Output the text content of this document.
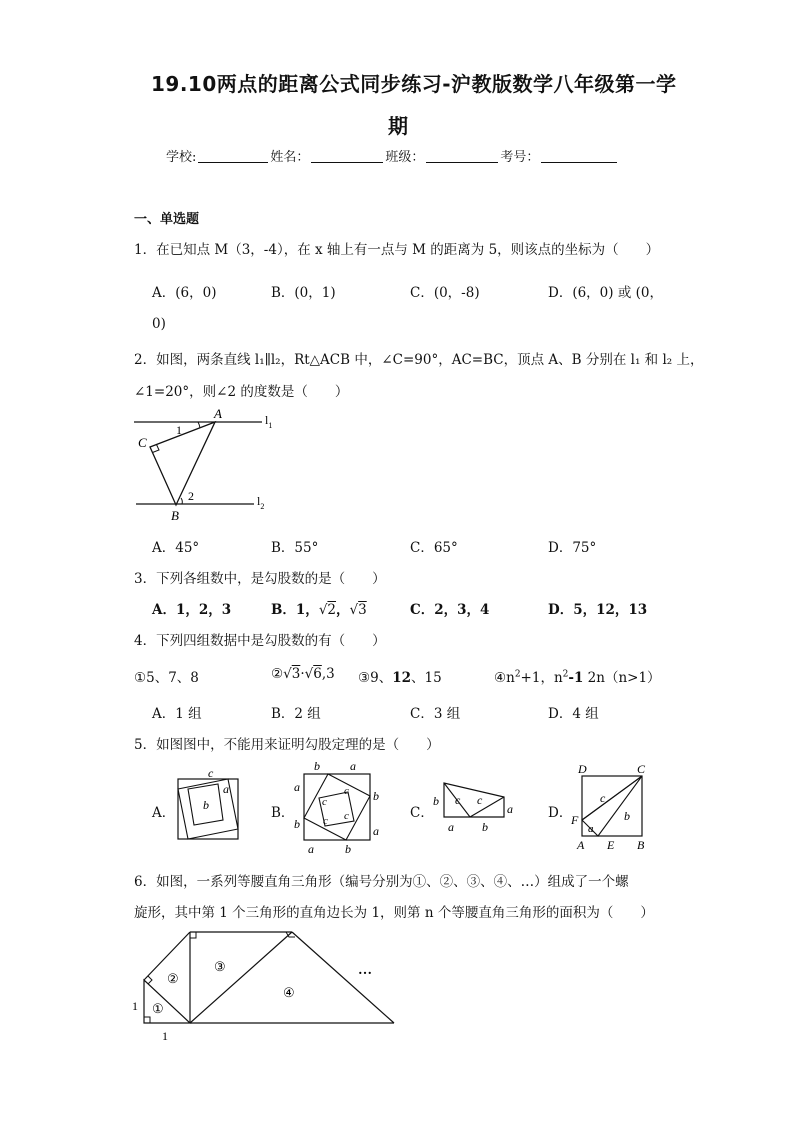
19.10两点的距离公式同步练习-沪教版数学八年级第一学
期
学校:	姓名：	班级：	考号：
一、单选题
1．在已知点 M（3，-4），在 x 轴上有一点与 M 的距离为 5，则该点的坐标为（　　）
A．(6，0)	B．(0，1)	C．(0，-8)	D．(6，0) 或 (0，
0)
2．如图，两条直线 l₁∥l₂，Rt△ACB 中，∠C=90°，AC=BC，顶点 A、B 分别在 l₁ 和 l₂ 上，
∠1=20°，则∠2 的度数是（　　）
A
C
B
1
2
$l_1$
$l_2$
A．45°	B．55°	C．65°	D．75°
3．下列各组数中，是勾股数的是（　　）
A．1，2，3	B．1，√2，√3	C．2，3，4	D．5，12，13
4．下列四组数据中是勾股数的有（　　）
①5、7、8	②√3·√6,3 ③9、12、15	$④n^2+1$，$n^2-1$ 2n（n>1）
A．1 组	B．2 组	C．3 组	D．4 组
5．如图图中，不能用来证明勾股定理的是（　　）
A．
c
a
b	B．
b	a
a
b
b
a
a	b
c
c
c
c	C．
b c c
a
a b
D．
D	C
F
A E B
c
a
b
6．如图，一系列等腰直角三角形（编号分别为①、②、③、④、…）组成了一个螺
旋形，其中第 1 个三角形的直角边长为 1，则第 n 个等腰直角三角形的面积为（　　）
①
②
③
④
…
1
1
